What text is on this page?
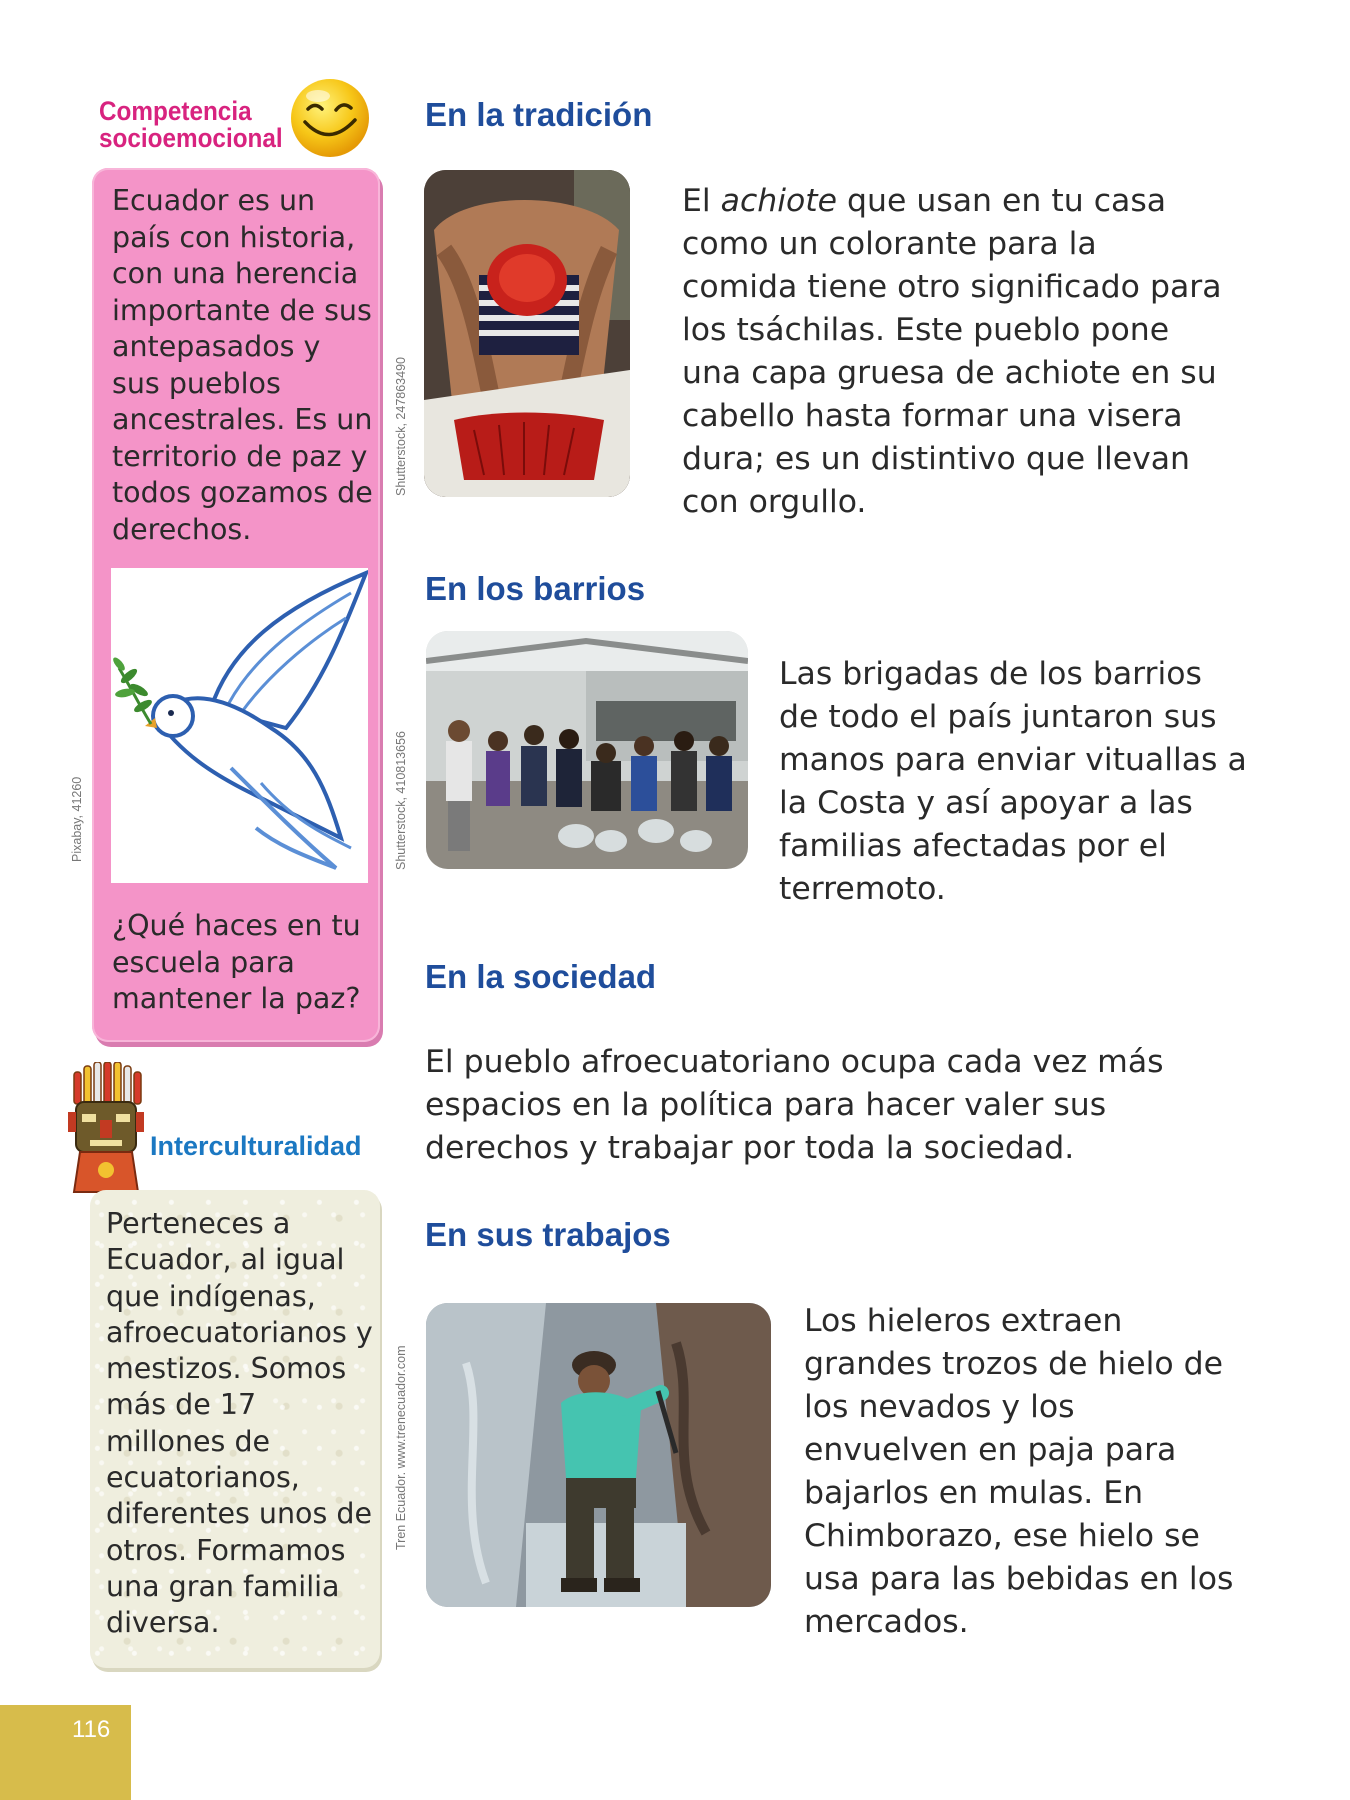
Competencia
socioemocional
Ecuador es un país con historia, con una herencia importante de sus antepasados y sus pueblos ancestrales. Es un territorio de paz y todos gozamos de derechos.
¿Qué haces en tu escuela para mantener la paz?
Pixabay, 41260
Interculturalidad
Perteneces a Ecuador, al igual que indígenas, afroecuatorianos y mestizos. Somos más de 17 millones de ecuatorianos, diferentes unos de otros. Formamos una gran familia diversa.
En la tradición
Shutterstock, 247863490
El achiote que usan en tu casa como un colorante para la comida tiene otro significado para los tsáchilas. Este pueblo pone una capa gruesa de achiote en su cabello hasta formar una visera dura; es un distintivo que llevan con orgullo.
En los barrios
Shutterstock, 410813656
Las brigadas de los barrios de todo el país juntaron sus manos para enviar vituallas a la Costa y así apoyar a las familias afectadas por el terremoto.
En la sociedad
El pueblo afroecuatoriano ocupa cada vez más espacios en la política para hacer valer sus derechos y trabajar por toda la sociedad.
En sus trabajos
Tren Ecuador. www.trenecuador.com
Los hieleros extraen grandes trozos de hielo de los nevados y los envuelven en paja para bajarlos en mulas. En Chimborazo, ese hielo se usa para las bebidas en los mercados.
116
